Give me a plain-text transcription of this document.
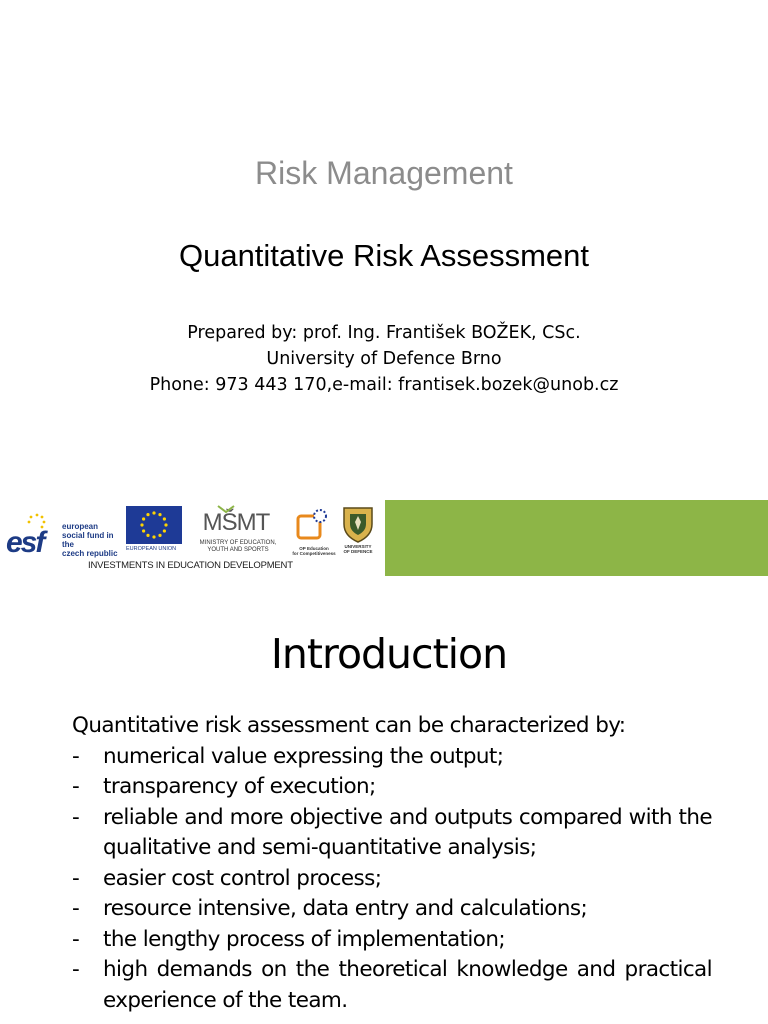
Risk Management
Quantitative Risk Assessment
Prepared by: prof. Ing. František BOŽEK, CSc.
University of Defence Brno
Phone: 973 443 170,e-mail: frantisek.bozek@unob.cz
esf	european
social fund in the
czech republic	EUROPEAN UNION
MŠMT
MINISTRY OF EDUCATION,
YOUTH AND SPORTS	OP Education
for Competitiveness
UNIVERSITY
OF DEFENCE
INVESTMENTS IN EDUCATION DEVELOPMENT
Introduction
Quantitative risk assessment can be characterized by:
-	numerical value expressing the output;
-	transparency of execution;
-	reliable and more objective and outputs compared with the qualitative and semi-quantitative analysis;
-	easier cost control process;
-	resource intensive, data entry and calculations;
-	the lengthy process of implementation;
-	high demands on the theoretical knowledge and practical experience of the team.
